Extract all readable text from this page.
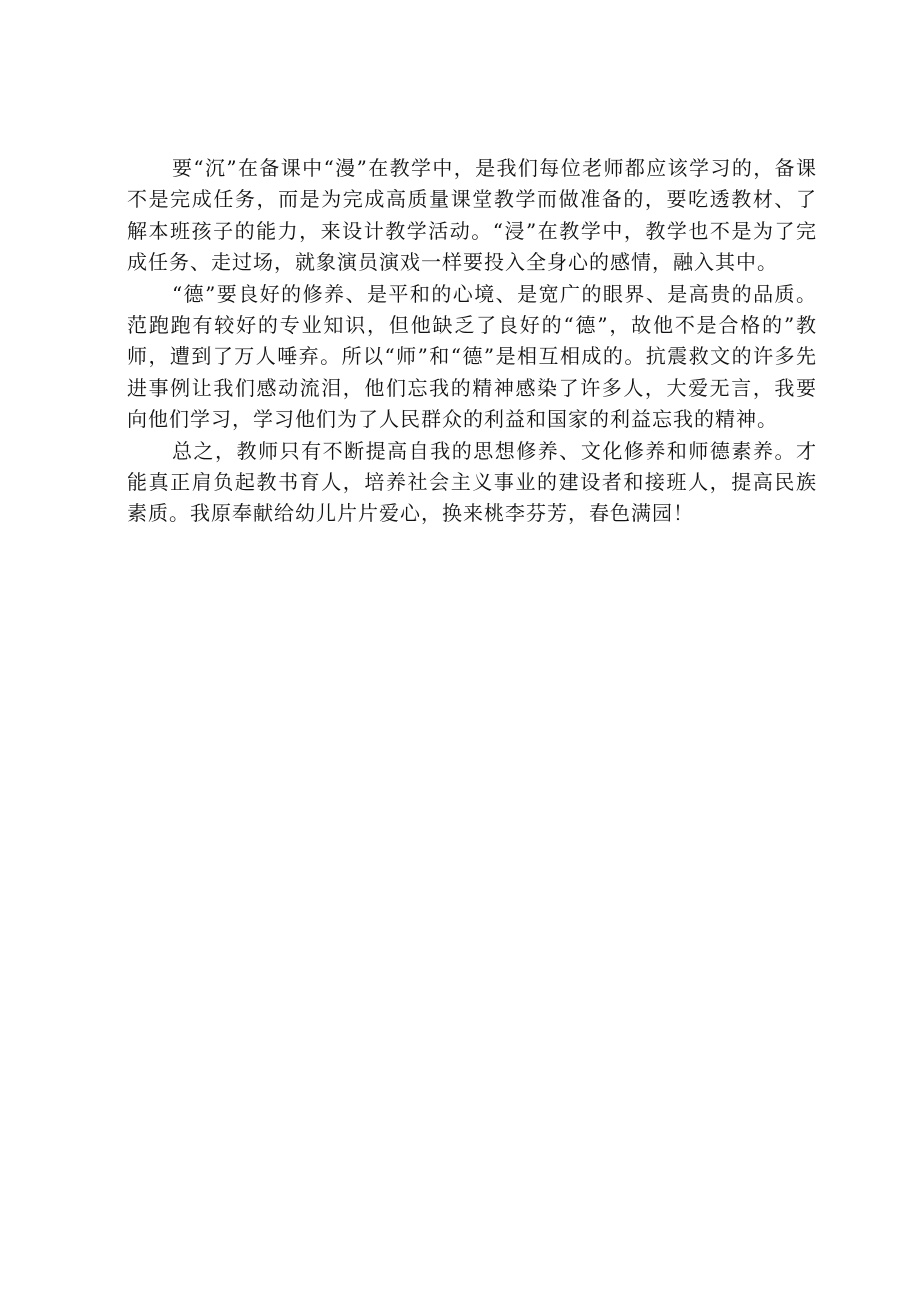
要“沉”在备课中“漫”在教学中，是我们每位老师都应该学习的，备课不是完成任务，而是为完成高质量课堂教学而做准备的，要吃透教材、了解本班孩子的能力，来设计教学活动。“浸”在教学中，教学也不是为了完成任务、走过场，就象演员演戏一样要投入全身心的感情，融入其中。

“德”要良好的修养、是平和的心境、是宽广的眼界、是高贵的品质。范跑跑有较好的专业知识，但他缺乏了良好的“德”，故他不是合格的”教师，遭到了万人唾弃。所以“师”和“德”是相互相成的。抗震救文的许多先进事例让我们感动流泪，他们忘我的精神感染了许多人，大爱无言，我要向他们学习，学习他们为了人民群众的利益和国家的利益忘我的精神。

总之，教师只有不断提高自我的思想修养、文化修养和师德素养。才能真正肩负起教书育人，培养社会主义事业的建设者和接班人，提高民族素质。我原奉献给幼儿片片爱心，换来桃李芬芳，春色满园！
